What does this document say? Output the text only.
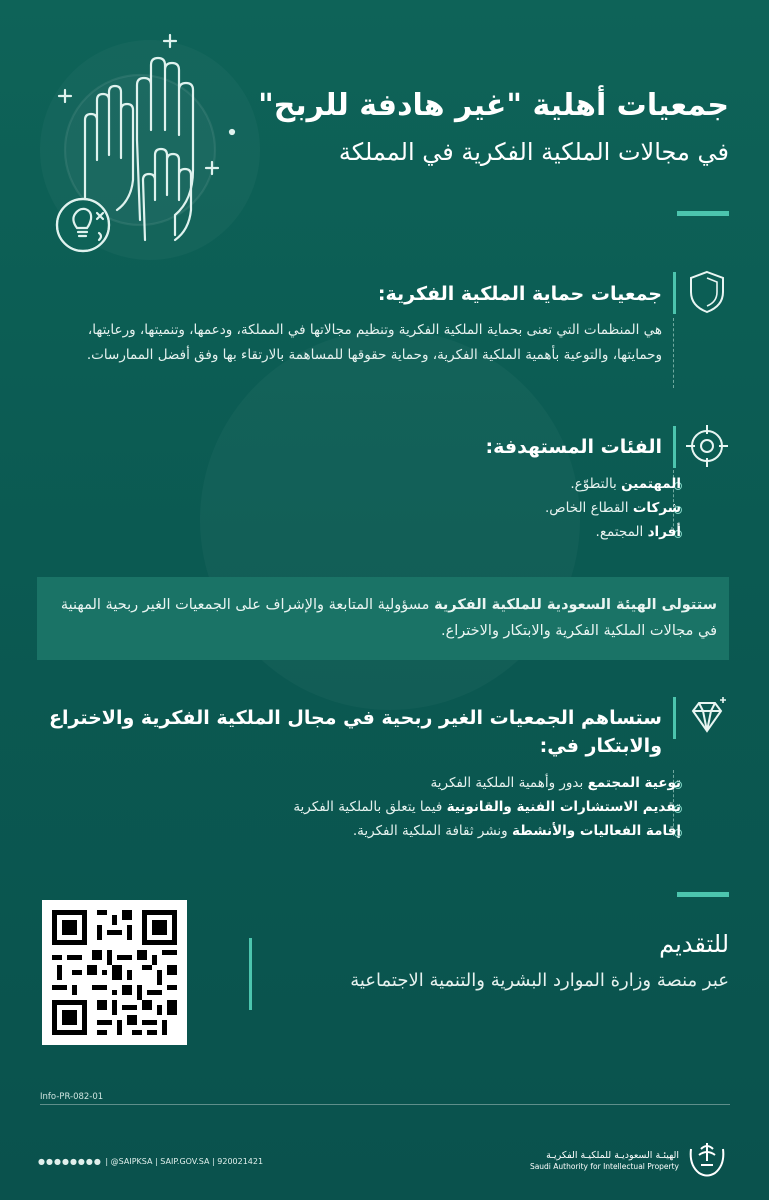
جمعيات أهلية "غير هادفة للربح"
في مجالات الملكية الفكرية في المملكة
جمعيات حماية الملكية الفكرية:
هي المنظمات التي تعنى بحماية الملكية الفكرية وتنظيم مجالاتها في المملكة، ودعمها، وتنميتها، ورعايتها، وحمايتها، والتوعية بأهمية الملكية الفكرية، وحماية حقوقها للمساهمة بالارتقاء بها وفق أفضل الممارسات.
الفئات المستهدفة:
المهتمين بالتطوّع.
شركات القطاع الخاص.
أفراد المجتمع.
ستتولى الهيئة السعودية للملكية الفكرية مسؤولية المتابعة والإشراف على الجمعيات الغير ربحية المهنية في مجالات الملكية الفكرية والابتكار والاختراع.
ستساهم الجمعيات الغير ربحية في مجال الملكية الفكرية والاختراع والابتكار في:
توعية المجتمع بدور وأهمية الملكية الفكرية
تقديم الاستشارات الفنية والقانونية فيما يتعلق بالملكية الفكرية
إقامة الفعاليات والأنشطة ونشر ثقافة الملكية الفكرية.
للتقديم
عبر منصة وزارة الموارد البشرية والتنمية الاجتماعية
Info-PR-082-01
●●●●●●●● | @SAIPKSA | SAIP.GOV.SA | 920021421
الهيئـة السعوديـة للملكيـة الفكريـة
Saudi Authority for Intellectual Property
